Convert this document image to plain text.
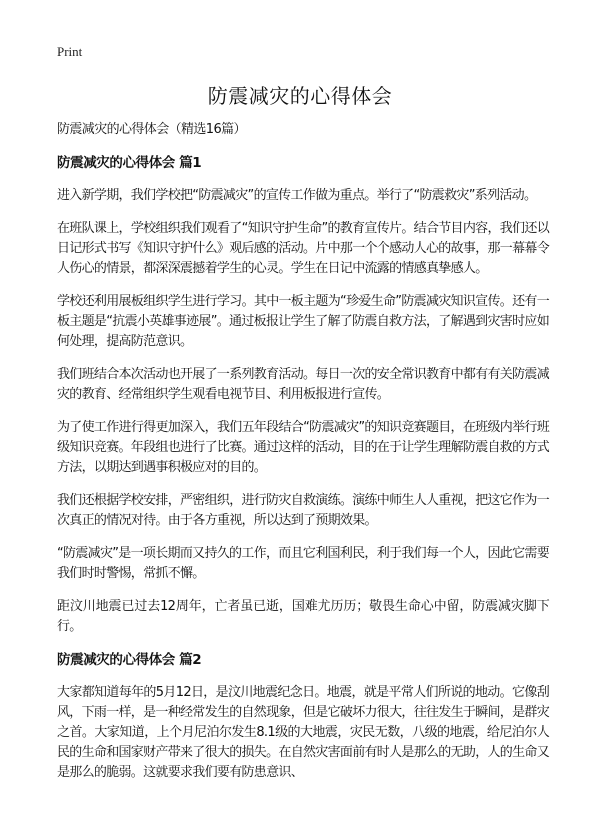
Print
防震减灾的心得体会

防震减灾的心得体会（精选16篇）

防震减灾的心得体会 篇1

进入新学期，我们学校把“防震减灾”的宣传工作做为重点。举行了“防震救灾”系列活动。

在班队课上，学校组织我们观看了“知识守护生命”的教育宣传片。结合节目内容，我们还以日记形式书写《知识守护什么》观后感的活动。片中那一个个感动人心的故事，那一幕幕令人伤心的情景，都深深震撼着学生的心灵。学生在日记中流露的情感真挚感人。

学校还利用展板组织学生进行学习。其中一板主题为“珍爱生命”防震减灾知识宣传。还有一板主题是“抗震小英雄事迹展”。通过板报让学生了解了防震自救方法，了解遇到灾害时应如何处理，提高防范意识。

我们班结合本次活动也开展了一系列教育活动。每日一次的安全常识教育中都有有关防震减灾的教育、经常组织学生观看电视节目、利用板报进行宣传。

为了使工作进行得更加深入，我们五年段结合“防震减灾”的知识竞赛题目，在班级内举行班级知识竞赛。年段组也进行了比赛。通过这样的活动，目的在于让学生理解防震自救的方式方法，以期达到遇事积极应对的目的。

我们还根据学校安排，严密组织，进行防灾自救演练。演练中师生人人重视，把这它作为一次真正的情况对待。由于各方重视，所以达到了预期效果。

“防震减灾”是一项长期而又持久的工作，而且它利国利民，利于我们每一个人，因此它需要我们时时警惕，常抓不懈。

距汶川地震已过去12周年，亡者虽已逝，国难尤历历；敬畏生命心中留，防震减灾脚下行。

防震减灾的心得体会 篇2

大家都知道每年的5月12日，是汶川地震纪念日。地震，就是平常人们所说的地动。它像刮风，下雨一样，是一种经常发生的自然现象，但是它破坏力很大，往往发生于瞬间，是群灾之首。大家知道，上个月尼泊尔发生8.1级的大地震，灾民无数，八级的地震，给尼泊尔人民的生命和国家财产带来了很大的损失。在自然灾害面前有时人是那么的无助，人的生命又是那么的脆弱。这就要求我们要有防患意识、
